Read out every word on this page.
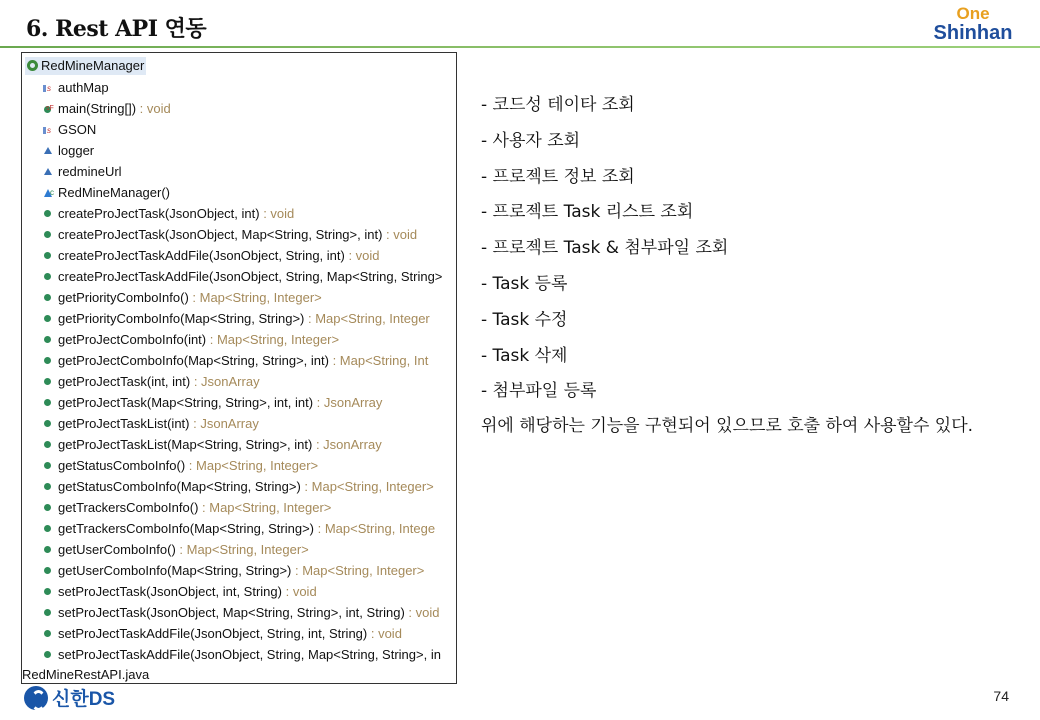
6. Rest API 연동
One
Shinhan
RedMineManager
sauthMap
sFmain(String[]) : void
sGSON
logger
redmineUrl
cRedMineManager()
createProJectTask(JsonObject, int) : void
createProJectTask(JsonObject, Map<String, String>, int) : void
createProJectTaskAddFile(JsonObject, String, int) : void
createProJectTaskAddFile(JsonObject, String, Map<String, String>
getPriorityComboInfo() : Map<String, Integer>
getPriorityComboInfo(Map<String, String>) : Map<String, Integer
getProJectComboInfo(int) : Map<String, Integer>
getProJectComboInfo(Map<String, String>, int) : Map<String, Int
getProJectTask(int, int) : JsonArray
getProJectTask(Map<String, String>, int, int) : JsonArray
getProJectTaskList(int) : JsonArray
getProJectTaskList(Map<String, String>, int) : JsonArray
getStatusComboInfo() : Map<String, Integer>
getStatusComboInfo(Map<String, String>) : Map<String, Integer>
getTrackersComboInfo() : Map<String, Integer>
getTrackersComboInfo(Map<String, String>) : Map<String, Intege
getUserComboInfo() : Map<String, Integer>
getUserComboInfo(Map<String, String>) : Map<String, Integer>
setProJectTask(JsonObject, int, String) : void
setProJectTask(JsonObject, Map<String, String>, int, String) : void
setProJectTaskAddFile(JsonObject, String, int, String) : void
setProJectTaskAddFile(JsonObject, String, Map<String, String>, in
RedMineRestAPI.java
- 코드성 테이타 조회
- 사용자 조회
- 프로젝트 정보 조회
- 프로젝트 Task 리스트 조회
- 프로젝트 Task & 첨부파일 조회
- Task 등록
- Task 수정
- Task 삭제
- 첨부파일 등록
위에 해당하는 기능을 구현되어 있으므로 호출 하여 사용할수 있다.
신한DS	74
